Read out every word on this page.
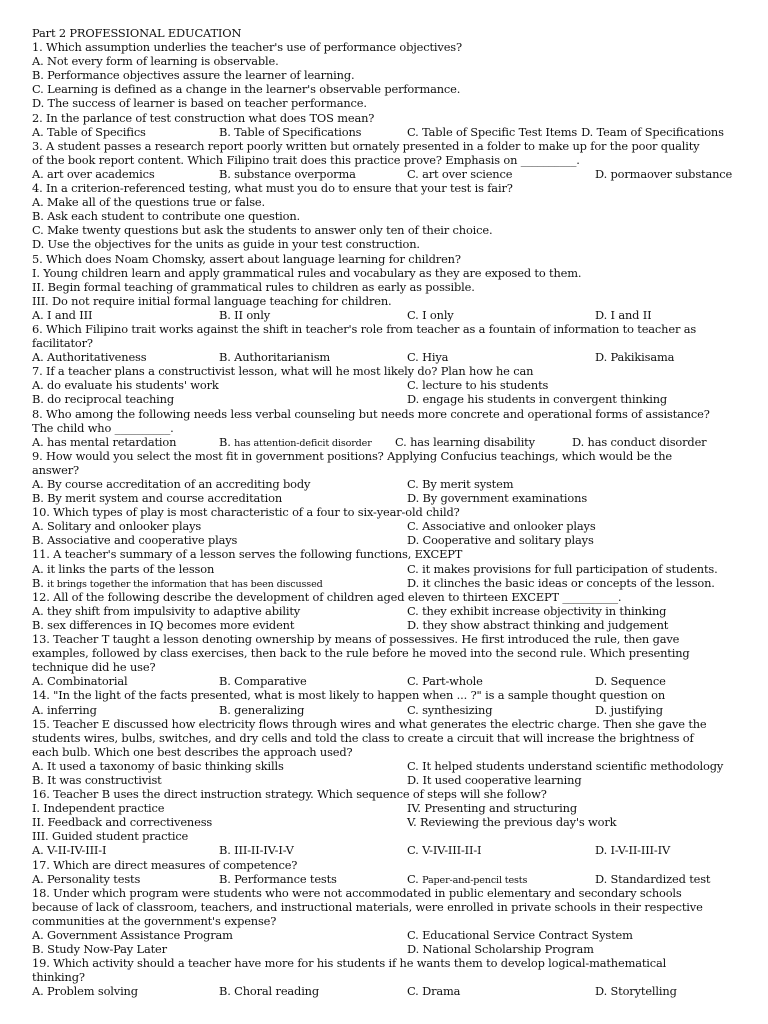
Part 2 PROFESSIONAL EDUCATION
1. Which assumption underlies the teacher's use of performance objectives?
A. Not every form of learning is observable.
B. Performance objectives assure the learner of learning.
C. Learning is defined as a change in the learner's observable performance.
D. The success of learner is based on teacher performance.
2. In the parlance of test construction what does TOS mean?
A. Table of Specifics	B. Table of Specifications	C. Table of Specific Test Items D. Team of Specifications
3. A student passes a research report poorly written but ornately presented in a folder to make up for the poor quality
of the book report content. Which Filipino trait does this practice prove? Emphasis on __________.
A. art over academics	B. substance overporma	C. art over science	D. pormaover substance
4. In a criterion-referenced testing, what must you do to ensure that your test is fair?
A. Make all of the questions true or false.
B. Ask each student to contribute one question.
C. Make twenty questions but ask the students to answer only ten of their choice.
D. Use the objectives for the units as guide in your test construction.
5. Which does Noam Chomsky, assert about language learning for children?
I. Young children learn and apply grammatical rules and vocabulary as they are exposed to them.
II. Begin formal teaching of grammatical rules to children as early as possible.
III. Do not require initial formal language teaching for children.
A. I and III	B. II only	C. I only	D. I and II
6. Which Filipino trait works against the shift in teacher's role from teacher as a fountain of information to teacher as
facilitator?
A. Authoritativeness	B. Authoritarianism	C. Hiya	D. Pakikisama
7. If a teacher plans a constructivist lesson, what will he most likely do? Plan how he can
A. do evaluate his students' work	C. lecture to his students
B. do reciprocal teaching	D. engage his students in convergent thinking
8. Who among the following needs less verbal counseling but needs more concrete and operational forms of assistance?
The child who __________.
A. has mental retardation	B. has attention-deficit disorder	C. has learning disability	D. has conduct disorder
9. How would you select the most fit in government positions? Applying Confucius teachings, which would be the
answer?
A. By course accreditation of an accrediting body	C. By merit system
B. By merit system and course accreditation	D. By government examinations
10. Which types of play is most characteristic of a four to six-year-old child?
A. Solitary and onlooker plays	C. Associative and onlooker plays
B. Associative and cooperative plays	D. Cooperative and solitary plays
11. A teacher's summary of a lesson serves the following functions, EXCEPT
A. it links the parts of the lesson	C. it makes provisions for full participation of students.
B. it brings together the information that has been discussed	D. it clinches the basic ideas or concepts of the lesson.
12. All of the following describe the development of children aged eleven to thirteen EXCEPT __________.
A. they shift from impulsivity to adaptive ability	C. they exhibit increase objectivity in thinking
B. sex differences in IQ becomes more evident	D. they show abstract thinking and judgement
13. Teacher T taught a lesson denoting ownership by means of possessives. He first introduced the rule, then gave
examples, followed by class exercises, then back to the rule before he moved into the second rule. Which presenting
technique did he use?
A. Combinatorial	B. Comparative	C. Part-whole	D. Sequence
14. "In the light of the facts presented, what is most likely to happen when ... ?" is a sample thought question on
A. inferring	B. generalizing	C. synthesizing	D. justifying
15. Teacher E discussed how electricity flows through wires and what generates the electric charge. Then she gave the
students wires, bulbs, switches, and dry cells and told the class to create a circuit that will increase the brightness of
each bulb. Which one best describes the approach used?
A. It used a taxonomy of basic thinking skills	C. It helped students understand scientific methodology
B. It was constructivist	D. It used cooperative learning
16. Teacher B uses the direct instruction strategy. Which sequence of steps will she follow?
I. Independent practice	IV. Presenting and structuring
II. Feedback and correctiveness	V. Reviewing the previous day's work
III. Guided student practice
A. V-II-IV-III-I	B. III-II-IV-I-V	C. V-IV-III-II-I	D. I-V-II-III-IV
17. Which are direct measures of competence?
A. Personality tests	B. Performance tests	C. Paper-and-pencil tests	D. Standardized test
18. Under which program were students who were not accommodated in public elementary and secondary schools
because of lack of classroom, teachers, and instructional materials, were enrolled in private schools in their respective
communities at the government's expense?
A. Government Assistance Program	C. Educational Service Contract System
B. Study Now-Pay Later	D. National Scholarship Program
19. Which activity should a teacher have more for his students if he wants them to develop logical-mathematical
thinking?
A. Problem solving	B. Choral reading	C. Drama	D. Storytelling
